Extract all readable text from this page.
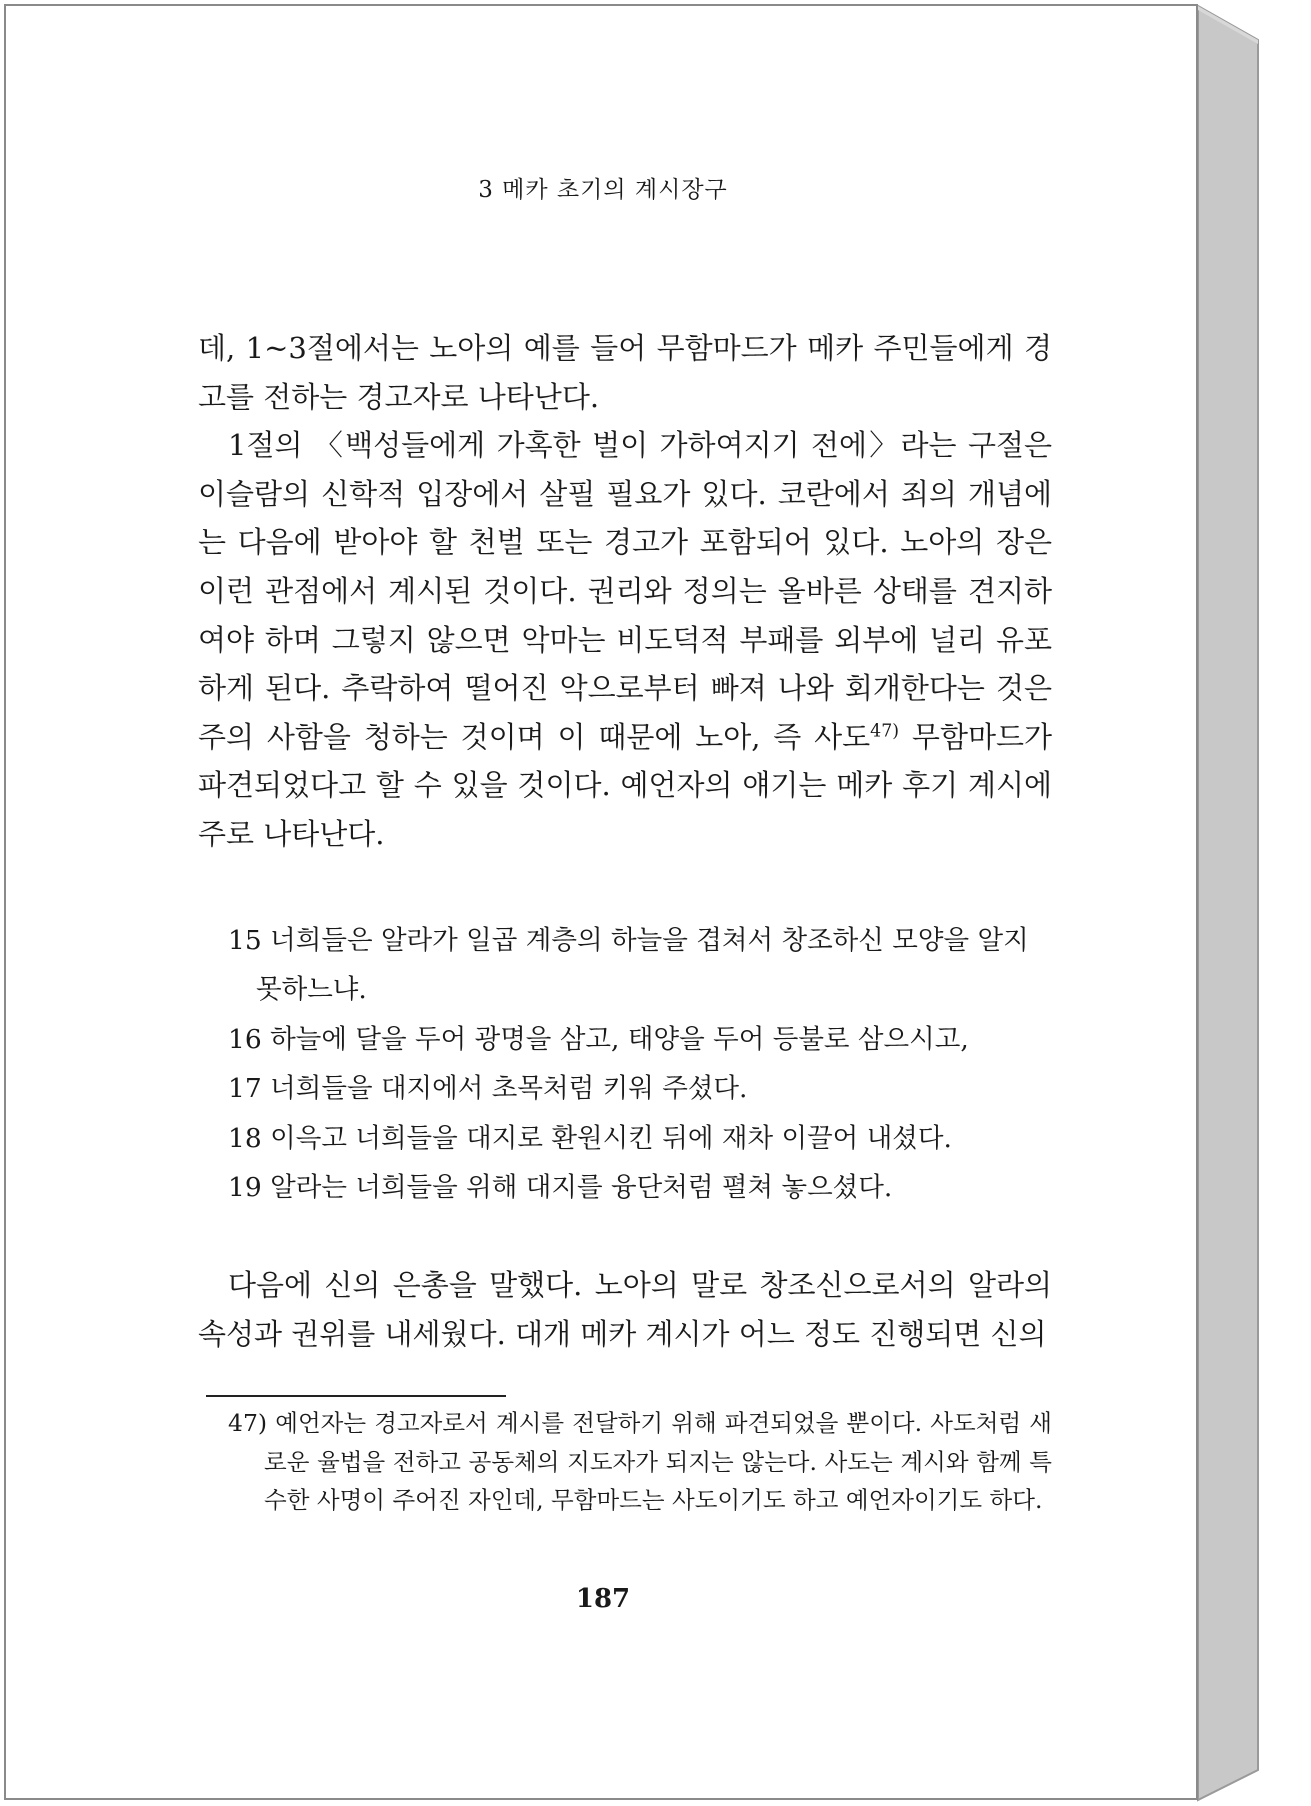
3 메카 초기의 계시장구

데, 1~3절에서는 노아의 예를 들어 무함마드가 메카 주민들에게 경고를 전하는 경고자로 나타난다.

1절의 〈백성들에게 가혹한 벌이 가하여지기 전에〉라는 구절은 이슬람의 신학적 입장에서 살필 필요가 있다. 코란에서 죄의 개념에는 다음에 받아야 할 천벌 또는 경고가 포함되어 있다. 노아의 장은 이런 관점에서 계시된 것이다. 권리와 정의는 올바른 상태를 견지하여야 하며 그렇지 않으면 악마는 비도덕적 부패를 외부에 널리 유포하게 된다. 추락하여 떨어진 악으로부터 빠져 나와 회개한다는 것은 주의 사함을 청하는 것이며 이 때문에 노아, 즉 사도$^{47)}$ 무함마드가 파견되었다고 할 수 있을 것이다. 예언자의 얘기는 메카 후기 계시에 주로 나타난다.

15 너희들은 알라가 일곱 계층의 하늘을 겹쳐서 창조하신 모양을 알지 못하느냐.

16 하늘에 달을 두어 광명을 삼고, 태양을 두어 등불로 삼으시고,

17 너희들을 대지에서 초목처럼 키워 주셨다.

18 이윽고 너희들을 대지로 환원시킨 뒤에 재차 이끌어 내셨다.

19 알라는 너희들을 위해 대지를 융단처럼 펼쳐 놓으셨다.

다음에 신의 은총을 말했다. 노아의 말로 창조신으로서의 알라의 속성과 권위를 내세웠다. 대개 메카 계시가 어느 정도 진행되면 신의

47) 예언자는 경고자로서 계시를 전달하기 위해 파견되었을 뿐이다. 사도처럼 새로운 율법을 전하고 공동체의 지도자가 되지는 않는다. 사도는 계시와 함께 특수한 사명이 주어진 자인데, 무함마드는 사도이기도 하고 예언자이기도 하다.

187
